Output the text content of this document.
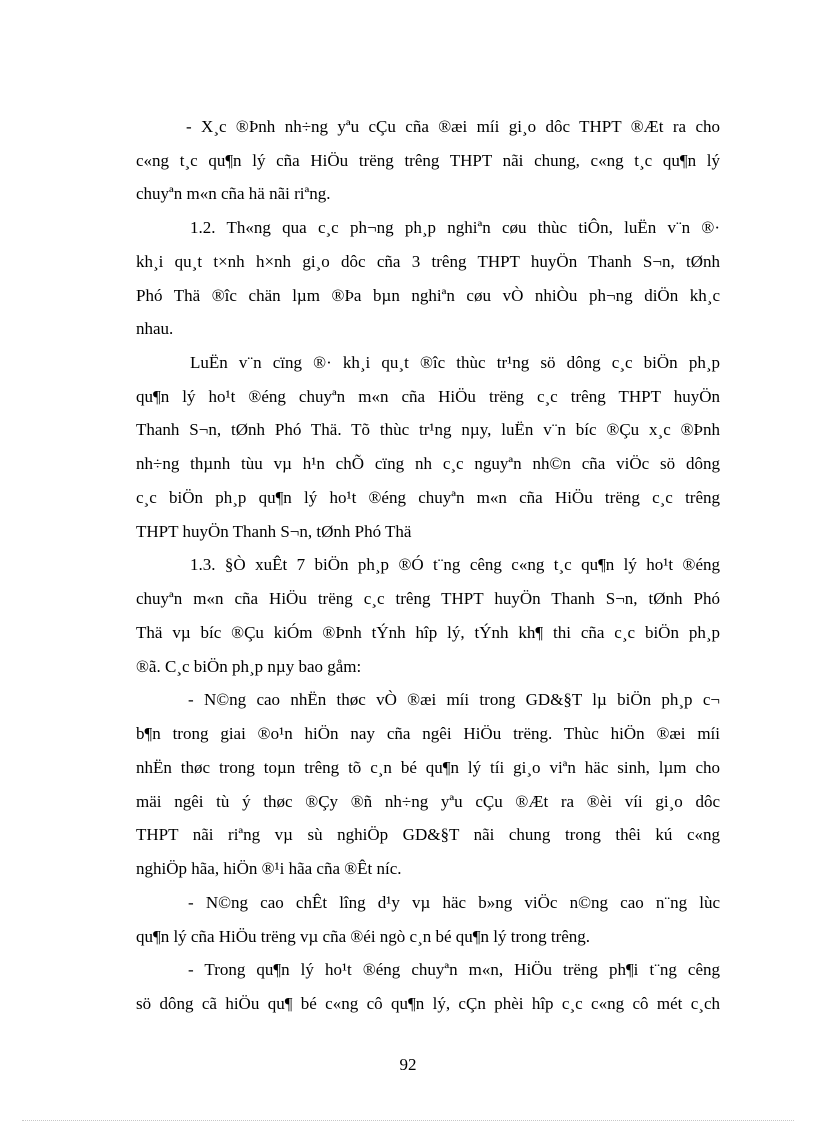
- X¸c ®Þnh nh÷ng yªu cÇu cña ®æi míi gi¸o dôc THPT ®Æt ra cho
c«ng t¸c qu¶n lý cña HiÖu trëng trêng THPT nãi chung, c«ng t¸c qu¶n lý
chuyªn m«n cña hä nãi riªng.
1.2. Th«ng qua c¸c ph¬ng ph¸p nghiªn cøu thùc tiÔn, luËn v¨n ®·
kh¸i qu¸t t×nh h×nh gi¸o dôc cña 3 trêng THPT huyÖn Thanh S¬n, tØnh
Phó Thä ®îc chän lµm ®Þa bµn nghiªn cøu vÒ nhiÒu ph¬ng diÖn kh¸c
nhau.
LuËn v¨n cïng ®· kh¸i qu¸t ®îc thùc tr¹ng sö dông c¸c biÖn ph¸p
qu¶n lý ho¹t ®éng chuyªn m«n cña HiÖu trëng c¸c trêng THPT huyÖn
Thanh S¬n, tØnh Phó Thä. Tõ thùc tr¹ng nµy, luËn v¨n bíc ®Çu x¸c ®Þnh
nh÷ng thµnh tùu vµ h¹n chÕ cïng nh c¸c nguyªn nh©n cña viÖc sö dông
c¸c biÖn ph¸p qu¶n lý ho¹t ®éng chuyªn m«n cña HiÖu trëng c¸c trêng
THPT huyÖn Thanh S¬n, tØnh Phó Thä
1.3. §Ò xuÊt 7 biÖn ph¸p ®Ó t¨ng cêng c«ng t¸c qu¶n lý ho¹t ®éng
chuyªn m«n cña HiÖu trëng c¸c trêng THPT huyÖn Thanh S¬n, tØnh Phó
Thä vµ bíc ®Çu kiÓm ®Þnh tÝnh hîp lý, tÝnh kh¶ thi cña c¸c biÖn ph¸p
®ã. C¸c biÖn ph¸p nµy bao gåm:
- N©ng cao nhËn thøc vÒ ®æi míi trong GD&§T lµ biÖn ph¸p c¬
b¶n trong giai ®o¹n hiÖn nay cña ngêi HiÖu trëng. Thùc hiÖn ®æi míi
nhËn thøc trong toµn trêng tõ c¸n bé qu¶n lý tíi gi¸o viªn häc sinh, lµm cho
mäi ngêi tù ý thøc ®Çy ®ñ nh÷ng yªu cÇu ®Æt ra ®èi víi gi¸o dôc
THPT nãi riªng vµ sù nghiÖp GD&§T nãi chung trong thêi kú c«ng
nghiÖp hãa, hiÖn ®¹i hãa cña ®Êt níc.
- N©ng cao chÊt lîng d¹y vµ häc b»ng viÖc n©ng cao n¨ng lùc
qu¶n lý cña HiÖu trëng vµ cña ®éi ngò c¸n bé qu¶n lý trong trêng.
- Trong qu¶n lý ho¹t ®éng chuyªn m«n, HiÖu trëng ph¶i t¨ng cêng
sö dông cã hiÖu qu¶ bé c«ng cô qu¶n lý, cÇn phèi hîp c¸c c«ng cô mét c¸ch
92
